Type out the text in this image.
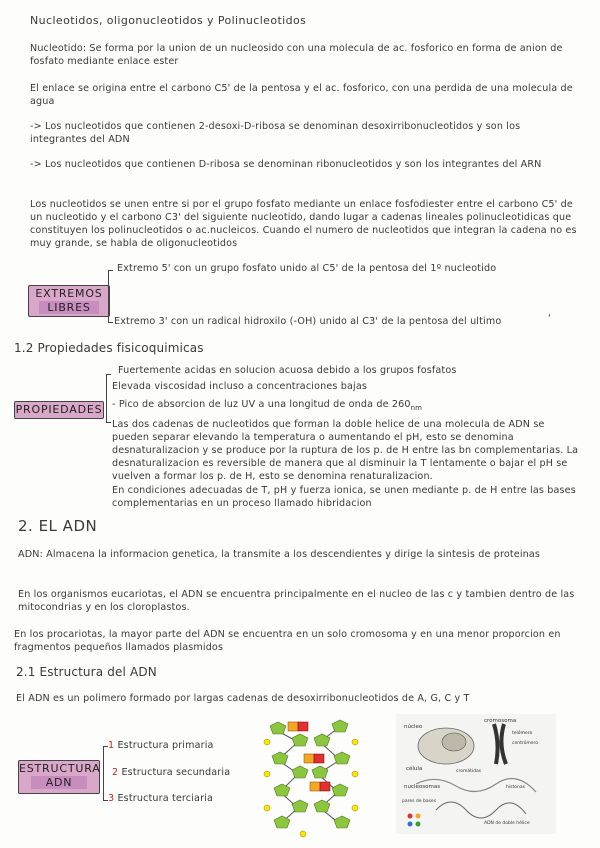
Nucleotidos, oligonucleotidos y Polinucleotidos
Nucleotido: Se forma por la union de un nucleosido con una molecula de ac. fosforico en forma de anion de fosfato mediante enlace ester
El enlace se origina entre el carbono C5' de la pentosa y el ac. fosforico, con una perdida de una molecula de agua
-> Los nucleotidos que contienen 2-desoxi-D-ribosa se denominan desoxirribonucleotidos y son los integrantes del ADN
-> Los nucleotidos que contienen D-ribosa se denominan ribonucleotidos y son los integrantes del ARN
Los nucleotidos se unen entre si por el grupo fosfato mediante un enlace fosfodiester entre el carbono C5' de un nucleotido y el carbono C3' del siguiente nucleotido, dando lugar a cadenas lineales polinucleotidicas que constituyen los polinucleotidos o ac.nucleicos. Cuando el numero de nucleotidos que integran la cadena no es muy grande, se habla de oligonucleotidos
EXTREMOS
LIBRES
Extremo 5' con un grupo fosfato unido al C5' de la pentosa del 1º nucleotido
Extremo 3' con un radical hidroxilo (-OH) unido al C3' de la pentosa del ultimo	'
1.2 Propiedades fisicoquimicas
PROPIEDADES
Fuertemente acidas en solucion acuosa debido a los grupos fosfatos
Elevada viscosidad incluso a concentraciones bajas
- Pico de absorcion de luz UV a una longitud de onda de $260_{nm}$
Las dos cadenas de nucleotidos que forman la doble helice de una molecula de ADN se pueden separar elevando la temperatura o aumentando el pH, esto se denomina desnaturalizacion y se produce por la ruptura de los p. de H entre las bn complementarias. La desnaturalizacion es reversible de manera que al disminuir la T lentamente o bajar el pH se vuelven a formar los p. de H, esto se denomina renaturalizacion.
En condiciones adecuadas de T, pH y fuerza ionica, se unen mediante p. de H entre las bases complementarias en un proceso llamado hibridacion
2. EL ADN
ADN: Almacena la informacion genetica, la transmite a los descendientes y dirige la sintesis de proteinas
En los organismos eucariotas, el ADN se encuentra principalmente en el nucleo de las c y tambien dentro de las mitocondrias y en los cloroplastos.
En los procariotas, la mayor parte del ADN se encuentra en un solo cromosoma y en una menor proporcion en fragmentos pequeños llamados plasmidos
2.1 Estructura del ADN
El ADN es un polimero formado por largas cadenas de desoxirribonucleotidos de A, G, C y T
ESTRUCTURA
ADN
1 Estructura primaria
2 Estructura secundaria
3 Estructura terciaria
núcleo
célula
cromosoma
telómero
centrómero
cromátidas
nucleosomas
pares de bases
histonas
ADN de doble hélice
